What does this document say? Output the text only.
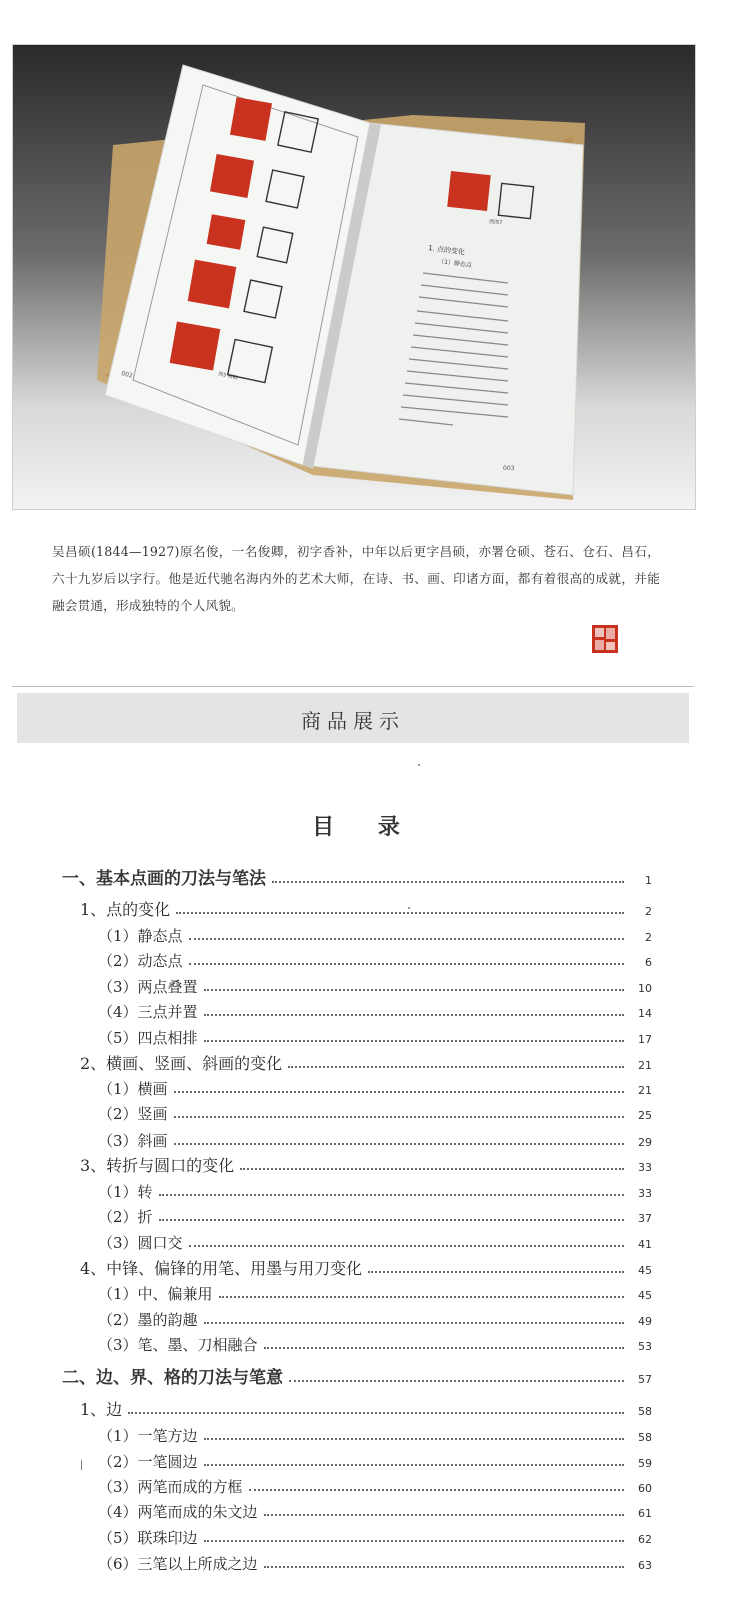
002	图5 画鹤
图图7
1. 点的变化
（1）静态点
003
吴昌硕(1844—1927)原名俊，一名俊卿，初字香补，中年以后更字昌硕，亦署仓硕、苍石、仓石、昌石，六十九岁后以字行。他是近代驰名海内外的艺术大师，在诗、书、画、印诸方面，都有着很高的成就，并能融会贯通，形成独特的个人风貌。
商品展示
目 录
一、基本点画的刀法与笔法	1
1、点的变化	2
（1）静态点	2
（2）动态点	6
（3）两点叠置	10
（4）三点并置	14
（5）四点相排	17
2、横画、竖画、斜画的变化	21
（1）横画	21
（2）竖画	25
（3）斜画	29
3、转折与圆口的变化	33
（1）转	33
（2）折	37
（3）圆口交	41
4、中锋、偏锋的用笔、用墨与用刀变化	45
（1）中、偏兼用	45
（2）墨的韵趣	49
（3）笔、墨、刀相融合	53
二、边、界、格的刀法与笔意	57
1、边	58
（1）一笔方边	58
（2）一笔圆边	59
（3）两笔而成的方框	60
（4）两笔而成的朱文边	61
（5）联珠印边	62
（6）三笔以上所成之边	63
